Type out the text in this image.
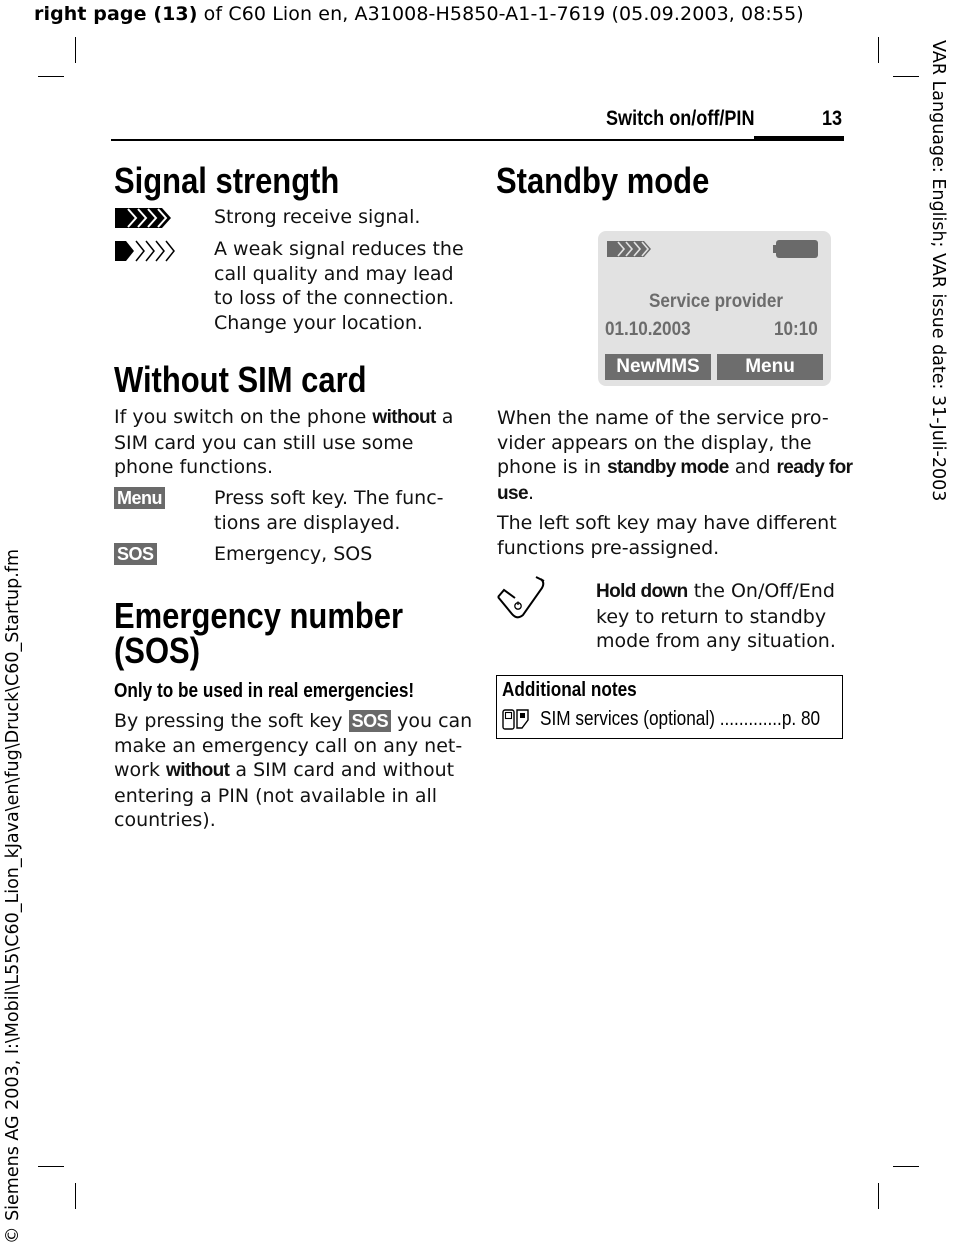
right page (13) of C60 Lion en, A31008-H5850-A1-1-7619 (05.09.2003, 08:55)
VAR Language: English; VAR issue date: 31-Juli-2003
© Siemens AG 2003, I:\Mobil\L55\C60_Lion_kJava\en\fug\Druck\C60_Startup.fm
Switch on/off/PIN	13
Signal strength
Strong receive signal.
A weak signal reduces the
call quality and may lead
to loss of the connection.
Change your location.
Without SIM card
If you switch on the phone without a
SIM card you can still use some
phone functions.
Menu	Press soft key. The func-
tions are displayed.
SOS	Emergency, SOS
Emergency number
(SOS)
Only to be used in real emergencies!
By pressing the soft key SOS you can
make an emergency call on any net-
work without a SIM card and without
entering a PIN (not available in all
countries).
Standby mode
Service provider
01.10.2003	10:10
NewMMS	Menu
When the name of the service pro-
vider appears on the display, the
phone is in standby mode and ready for
use.
The left soft key may have different
functions pre-assigned.
Hold down the On/Off/End
key to return to standby
mode from any situation.
Additional notes
SIM services (optional) .............p. 80
